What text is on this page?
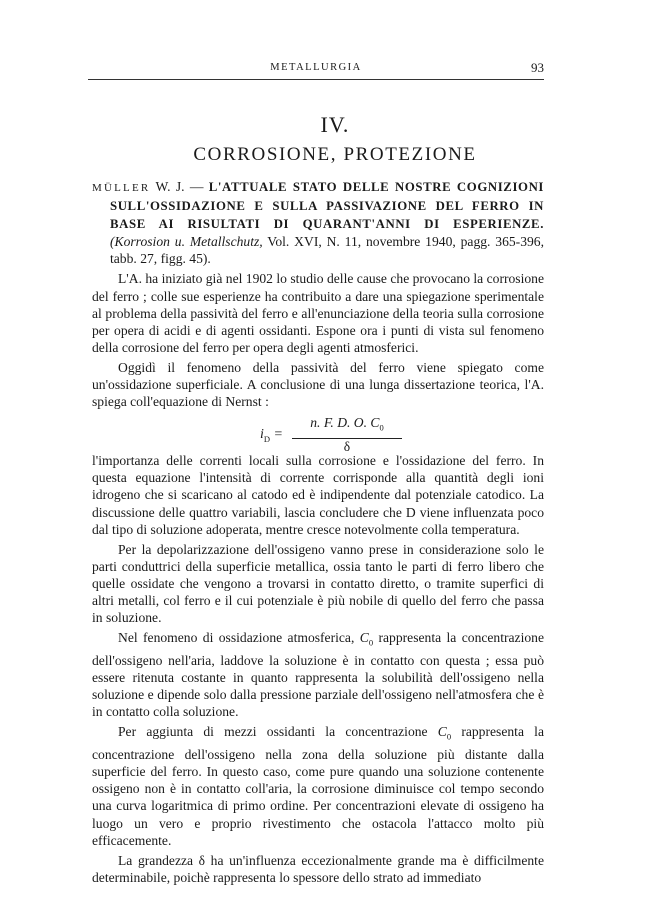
METALLURGIA	93
IV.
CORROSIONE, PROTEZIONE

MÜLLER W. J. — L'ATTUALE STATO DELLE NOSTRE COGNIZIONI SULL'OSSIDAZIONE E SULLA PASSIVAZIONE DEL FERRO IN BASE AI RISULTATI DI QUARANT'ANNI DI ESPERIENZE. (Korrosion u. Metallschutz, Vol. XVI, N. 11, novembre 1940, pagg. 365-396, tabb. 27, figg. 45).

L'A. ha iniziato già nel 1902 lo studio delle cause che provocano la corrosione del ferro ; colle sue esperienze ha contribuito a dare una spiegazione sperimentale al problema della passività del ferro e all'enunciazione della teoria sulla corrosione per opera di acidi e di agenti ossidanti. Espone ora i punti di vista sul fenomeno della corrosione del ferro per opera degli agenti atmosferici.

Oggidì il fenomeno della passività del ferro viene spiegato come un'ossidazione superficiale. A conclusione di una lunga dissertazione teorica, l'A. spiega coll'equazione di Nernst :

$i_D = \frac{n. F. D. O. C_0}{\delta}$

l'importanza delle correnti locali sulla corrosione e l'ossidazione del ferro. In questa equazione l'intensità di corrente corrisponde alla quantità degli ioni idrogeno che si scaricano al catodo ed è indipendente dal potenziale catodico. La discussione delle quattro variabili, lascia concludere che D viene influenzata poco dal tipo di soluzione adoperata, mentre cresce notevolmente colla temperatura.

Per la depolarizzazione dell'ossigeno vanno prese in considerazione solo le parti conduttrici della superficie metallica, ossia tanto le parti di ferro libero che quelle ossidate che vengono a trovarsi in contatto diretto, o tramite superfici di altri metalli, col ferro e il cui potenziale è più nobile di quello del ferro che passa in soluzione.

Nel fenomeno di ossidazione atmosferica, $C_0$ rappresenta la concentrazione dell'ossigeno nell'aria, laddove la soluzione è in contatto con questa ; essa può essere ritenuta costante in quanto rappresenta la solubilità dell'ossigeno nella soluzione e dipende solo dalla pressione parziale dell'ossigeno nell'atmosfera che è in contatto colla soluzione.

Per aggiunta di mezzi ossidanti la concentrazione $C_0$ rappresenta la concentrazione dell'ossigeno nella zona della soluzione più distante dalla superficie del ferro. In questo caso, come pure quando una soluzione contenente ossigeno non è in contatto coll'aria, la corrosione diminuisce col tempo secondo una curva logaritmica di primo ordine. Per concentrazioni elevate di ossigeno ha luogo un vero e proprio rivestimento che ostacola l'attacco molto più efficacemente.

La grandezza δ ha un'influenza eccezionalmente grande ma è difficilmente determinabile, poichè rappresenta lo spessore dello strato ad immediato
